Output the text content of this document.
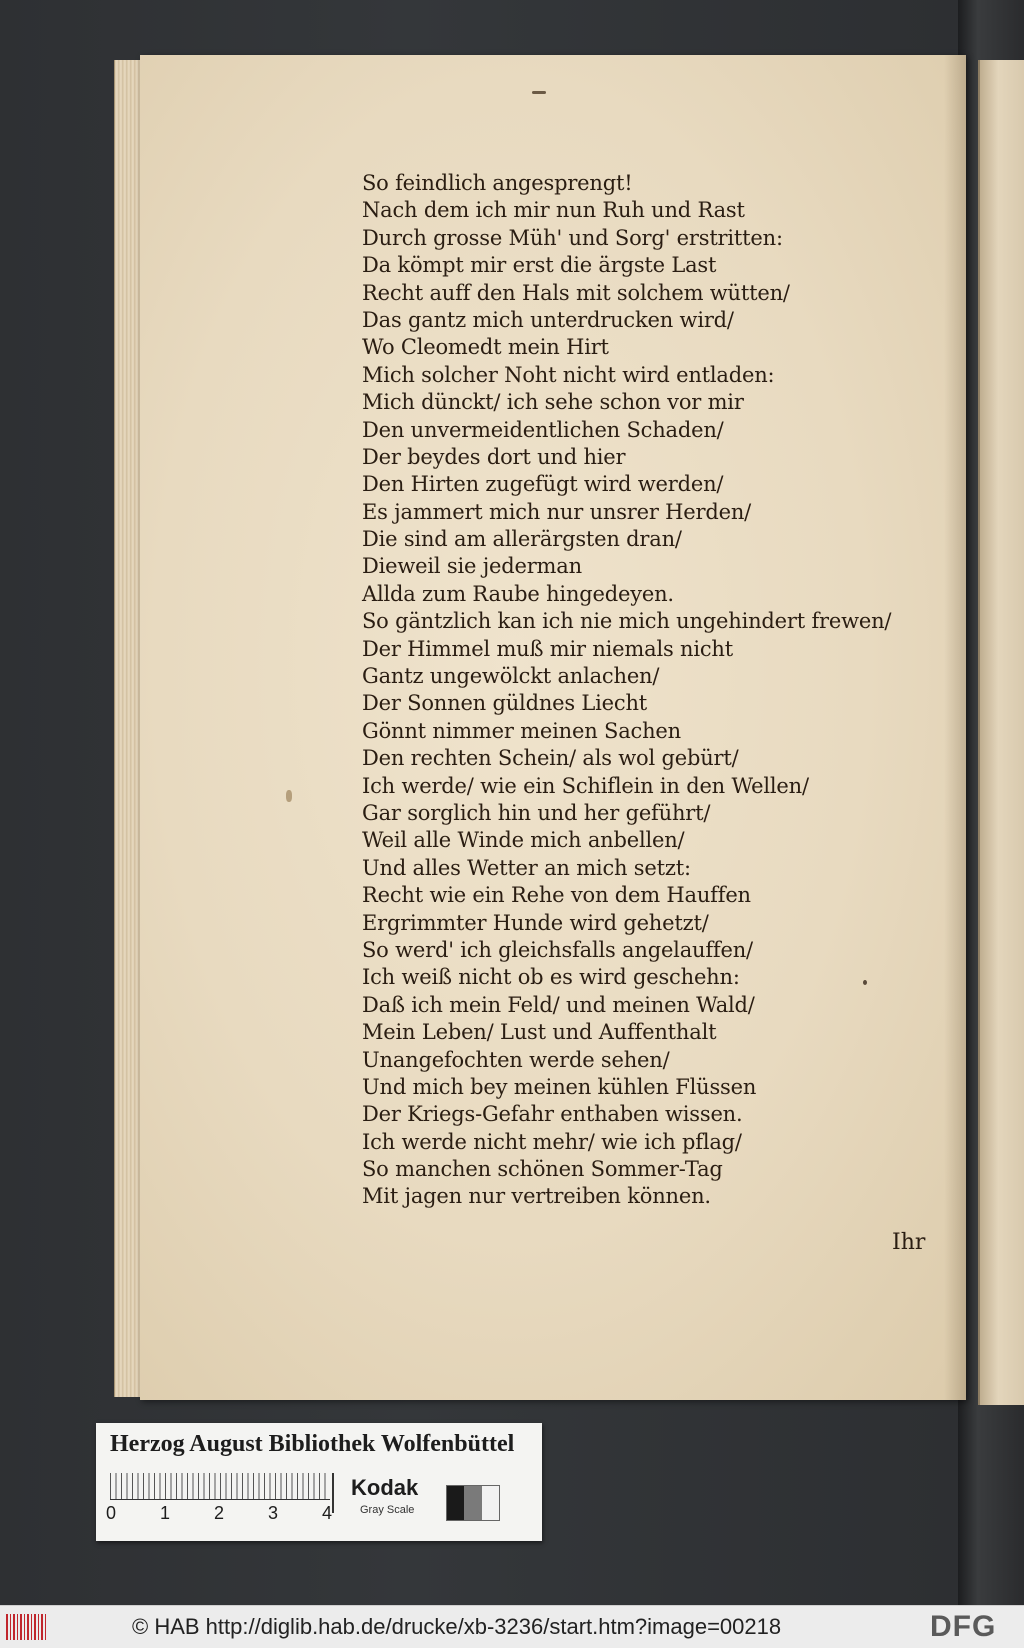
So feindlich angesprengt!
Nach dem ich mir nun Ruh und Rast
Durch grosse Müh' und Sorg' erstritten:
Da kömpt mir erst die ärgste Last
Recht auff den Hals mit solchem wütten/
Das gantz mich unterdrucken wird/
Wo Cleomedt mein Hirt
Mich solcher Noht nicht wird entladen:
Mich dünckt/ ich sehe schon vor mir
Den unvermeidentlichen Schaden/
Der beydes dort und hier
Den Hirten zugefügt wird werden/
Es jammert mich nur unsrer Herden/
Die sind am allerärgsten dran/
Dieweil sie jederman
Allda zum Raube hingedeyen.
So gäntzlich kan ich nie mich ungehindert frewen/
Der Himmel muß mir niemals nicht
Gantz ungewölckt anlachen/
Der Sonnen güldnes Liecht
Gönnt nimmer meinen Sachen
Den rechten Schein/ als wol gebürt/
Ich werde/ wie ein Schiflein in den Wellen/
Gar sorglich hin und her geführt/
Weil alle Winde mich anbellen/
Und alles Wetter an mich setzt:
Recht wie ein Rehe von dem Hauffen
Ergrimmter Hunde wird gehetzt/
So werd' ich gleichsfalls angelauffen/
Ich weiß nicht ob es wird geschehn:
Daß ich mein Feld/ und meinen Wald/
Mein Leben/ Lust und Auffenthalt
Unangefochten werde sehen/
Und mich bey meinen kühlen Flüssen
Der Kriegs-Gefahr enthaben wissen.
Ich werde nicht mehr/ wie ich pflag/
So manchen schönen Sommer-Tag
Mit jagen nur vertreiben können.
Ihr
Herzog August Bibliothek Wolfenbüttel
0 1 2 3 4
Kodak
Gray Scale
© HAB http://diglib.hab.de/drucke/xb-3236/start.htm?image=00218	DFG
